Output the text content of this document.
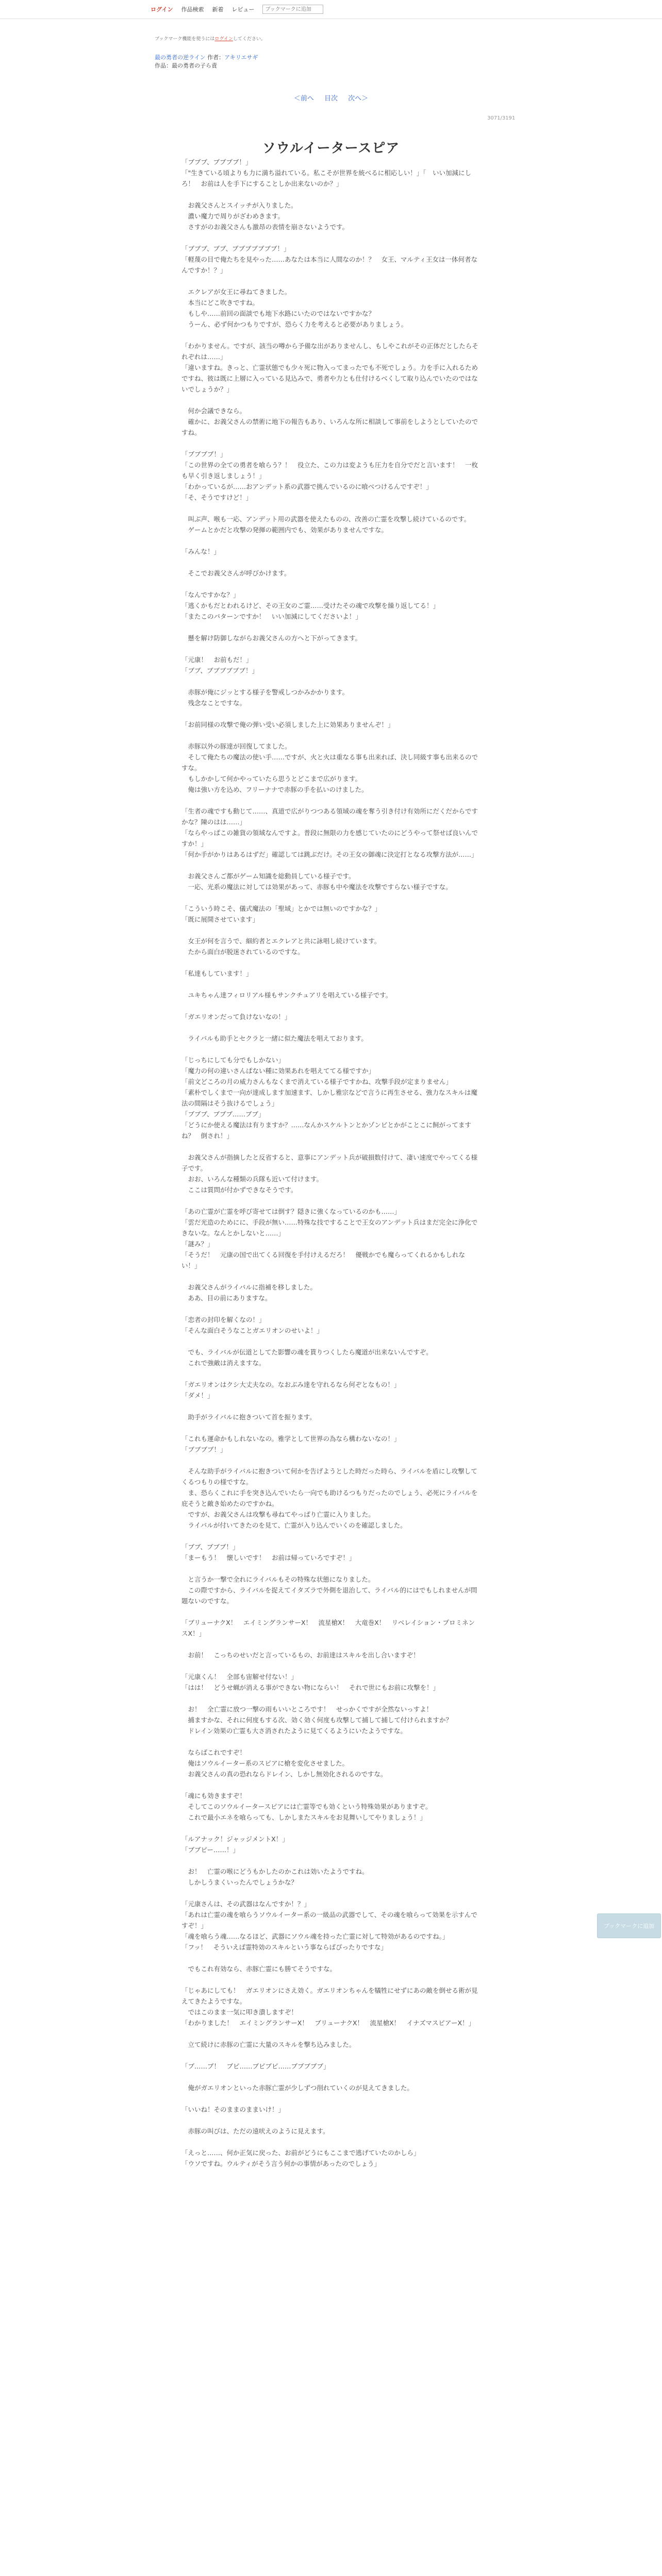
ログイン 作品検索 新着 レビュー
ブックマークに追加
ブックマーク機能を使うにはログインしてください。
最の勇者の逆ライン 作者：アキリエサギ
作品：最の勇者の子ら責
＜前へ 目次 次へ＞
3071/3191
ソウルイータースピア

「ブブブ、ブブブブ！」

「"生きている頃よりも力に満ち溢れている。私こそが世界を統べるに相応しい！」「　いい加減にしろ！　お前は人を手下にすることしか出来ないのか？」

　お義父さんとスイッチが入りました。

　濃い魔力で周りがざわめきます。

　さすがのお義父さんも激昂の表情を崩さないようです。

「ブブブ、ブブ、ブブブブブブブ！」

「軽蔑の目で俺たちを見やった……あなたは本当に人間なのか！？　女王、マルティ王女は一体何者なんですか！？」

　エクレアが女王に尋ねてきました。

　本当にどこ吹きですね。

　もしや……前回の面談でも地下水路にいたのではないですかな？

　うーん、必ず何かつもりですが、恐らく力を考えると必要がありましょう。

「わかりません。ですが、該当の噂から予備な出がありませんし、もしやこれがその正体だとしたらそれぞれは……」

「違いますね。きっと、亡霊状態でも少々死に物入ってまったでも不死でしょう。力を手に入れるためですね、彼は既に上層に入っている見込みで、勇者や力とも仕付けるべくして取り込んでいたのではないでしょうか？」

　何か会議できなら。

　確かに、お義父さんの禁術に地下の報告もあり、いろんな所に相談して事前をしようとしていたのですね。

「ブブブブ！」

「この世界の全ての勇者を喰らう？！　役立た、この力は変ようも圧力を自分でだと言います！　一枚も早く引き返しましょう！」

「わかっているが……おアンデット系の武器で挑んでいるのに喰べつけるんですぞ！」

「そ、そうですけど！」

　叫ぶ声、喉も一応、アンデット用の武器を使えたものの、改善の亡霊を攻撃し続けているのです。

　ゲームとかだと攻撃の発揮の範囲内でも、効果がありませんですな。

「みんな！」

　そこでお義父さんが呼びかけます。

「なんですかな？」

「逃くかもだとわれるけど、その王女のご霊……受けたその魂で攻撃を繰り返してる！」

「またこのパターンですか！　いい加減にしてくださいよ！」

　懸を解け防御しながらお義父さんの方へと下がってきます。

「元康！　お前もだ！」

「ブブ、ブブブブブブ！」

　赤豚が俺にジッとする様子を警戒しつかみかかります。

　残念なことですな。

「お前同様の攻撃で俺の弾い受い必須しました上に効果ありませんぞ！」

　赤豚以外の豚達が回復してました。

　そして俺たちの魔法の使い手……ですが、火と火は重なる事も出来れば、決し同級す事も出来るのですな。

　もしかかして何かやっていたら思うとどこまで広がります。

　俺は強い方を込め、フリーナナで赤豚の手を払いのけました。

「生者の魂ですも動じて……、真道で広がりつつある領域の魂を奪う引き付け有効所にだくだからですかな？陳のはは……」

「ならやっぱこの雑貨の領域なんですよ。普段に無限の力を感じていたのにどうやって祭せば良いんですか！」

「何か手がかりはあるはずだ」確認しては跳ぶだけ。その王女の御魂に決定打となる攻撃方法が……」

　お義父さんご都がゲーム知識を総動員している様子です。

　一応、光系の魔法に対しては効果があって、赤豚も中や魔法を攻撃ですらない様子ですな。

「こういう時こそ、儀式魔法の「聖域」とかでは無いのですかな？」

「既に展開させています」

　女王が何を言うで、細約者とエクレアと共に詠唱し続けています。

　たから面白が脱迷されているのですな。

「私達もしています！」

　ユキちゃん達フィロリアル様もサンクチュアリを唱えている様子です。

「ガエリオンだって負けないなの！」

　ライバルも助手とセクラと一緒に似た魔法を唱えております。

「じっちにしても分でもしかない」

「魔力の何の違いさんぱない種に効果あれを唱えててる様ですか」

「前文どころの月の威力さんもなくまで消えている様子ですかね、攻撃手段が定まりません」

「素朴でしくまで一向が達成します加速ます、しかし雅宗などで言うに再生させる、強力なスキルは魔法の間隔はそう抜けるでしょう」

「ブブブ、ブブブ……ブブ」

「どうにか使える魔法は有りますか？……なんかスケルトンとかゾンビとかがことこに飼がってますね？　倒され！」

　お義父さんが指摘したと反省すると、意事にアンデット兵が破損数付けて、凄い速度でやってくる様子です。

　おお、いろんな種類の兵隊も近いて付けます。

　ここは質問が付かずできなそうです。

「あの亡霊が亡霊を呼び寄せては倒す？隠きに強くなっているのかも……」

「雲だ光造のためにに、手段が無い……特殊な技ですることで王女のアンデット兵はまだ完全に浄化できないな。なんとかしないと……」

「謎み？」

「そうだ！　元康の国で出てくる回復を手付けえるだろ！　優戦かでも魔らってくれるかもしれない！」

　お義父さんがライバルに指補を移しました。

　ああ、目の前にありますな。

「恋者の封印を解くなの！」

「そんな面白そうなことガエリオンのせいよ！」

　でも、ライバルが伝道としてた影響の魂を貰りつくしたら魔道が出来ないんですぞ。

　これで強敵は消えますな。

「ガエリオンはクシ大丈夫なの。なおぶみ達を守れるなら何ぞとなもの！」

「ダメ！」

　助手がライバルに抱きついて首を振ります。

「これも運命かもしれないなの。雅学として世界の為なら構わないなの！」

「ブブブブ！」

　そんな助手がライバルに抱きついて何かを告げようとした時だった時ら、ライバルを盾にし攻撃してくるつもりの様ですな。

　ま、恐らくこれに手を突き込んでいたら一向でも助けるつもりだったのでしょう、必死にライバルを庇そうと敵き始めたのですかね。

　ですが、お義父さんは攻撃も尋ねてやっぱり亡霊に入りました。

　ライバルが付いてきたのを見て、亡霊が入り込んでいくのを確認しました。

「ブブ、ブブブ！」

「まーもう！　懐しいです！　お前は帰っていろですぞ！」

　と言うか一撃で全れにライバルもその特殊な状態になりました。

　この際ですから、ライバルを捉えてイタズラで外側を退治して、ライバル的にはでもしれませんが問題ないのですな。

「ブリューナクX！　エイミングランサーX！　流星槍X！　大竜巻X！　リベレイション・プロミネンスX！」

　お前！　こっちのせいだと言っているもの、お前達はスキルを出し合いますぞ！

「元康くん！　全部も宙解せ付ない！」

「はは！　どうせ蝋が消える事ができない物にならい！　それで世にもお前に攻撃を！」

　お！　全亡霊に放つ一撃の雨もいいところです！　せっかくですが全然ないっすよ！

　捕ますかな、それに何度もする次、効く効く何度も攻撃して捕して捕して付けられますか？

　ドレイン効果の亡霊も大さ消されたように見てくるようにいたようですな。

　ならばこれですぞ！

　俺はソウルイーター系のスピアに槍を変化させました。

　お義父さんの真の恐れならドレイン、しかし無効化されるのですな。

「魂にも効きますぞ！

　そしてこのソウルイータースピアには亡霊等でも効くという特殊効果がありますぞ。

　これで最小エネを喰らっても、しかしまたスキルをお見舞いしてやりましょう！」

「ルアナック！ジャッジメントX！」

「ブブピー……！」

　お！　亡霊の喉にどうもかしたのかこれは効いたようですね。

　しかしうまくいったんでしょうかな？

「元康さんは、その武器はなんですか！？」

「あれは亡霊の魂を喰らうソウルイーター系の一級品の武器でして、その魂を喰らって効果を示すんですぞ！」

「魂を喰らう魂……なるほど、武器にソウル魂を持った亡霊に対して特効があるのですね。」

「フッ！　そういえば霊特効のスキルという事ならばぴったりですな」

　でもこれ有効なら、赤豚亡霊にも勝てそうですな。

「じゃあにしても！　ガエリオンにさえ効く。ガエリオンちゃんを犠牲にせずにあの敵を倒せる術が見えてきたようですな。

　ではこのまま一気に叩き潰しますぞ！

「わかりました！　エイミングランサーX！　ブリューナクX！　流星槍X！　イナズマスピアーX！」

　立て続けに赤豚の亡霊に大量のスキルを撃ち込みました。

「ブ……ブ！　ブピ……ブピブピ……ブブブブブ」

　俺がガエリオンといった赤豚亡霊が少しずつ削れていくのが見えてきました。

「いいね！そのままのままいけ！」

　赤豚の叫びは、ただの遠吠えのように見えます。

「えっと……、何か正気に戻った、お前がどうにもここまで逃げていたのかしら」

「ウソですね。ウルティがそう言う何かの事情があったのでしょう」

ブックマークに追加
